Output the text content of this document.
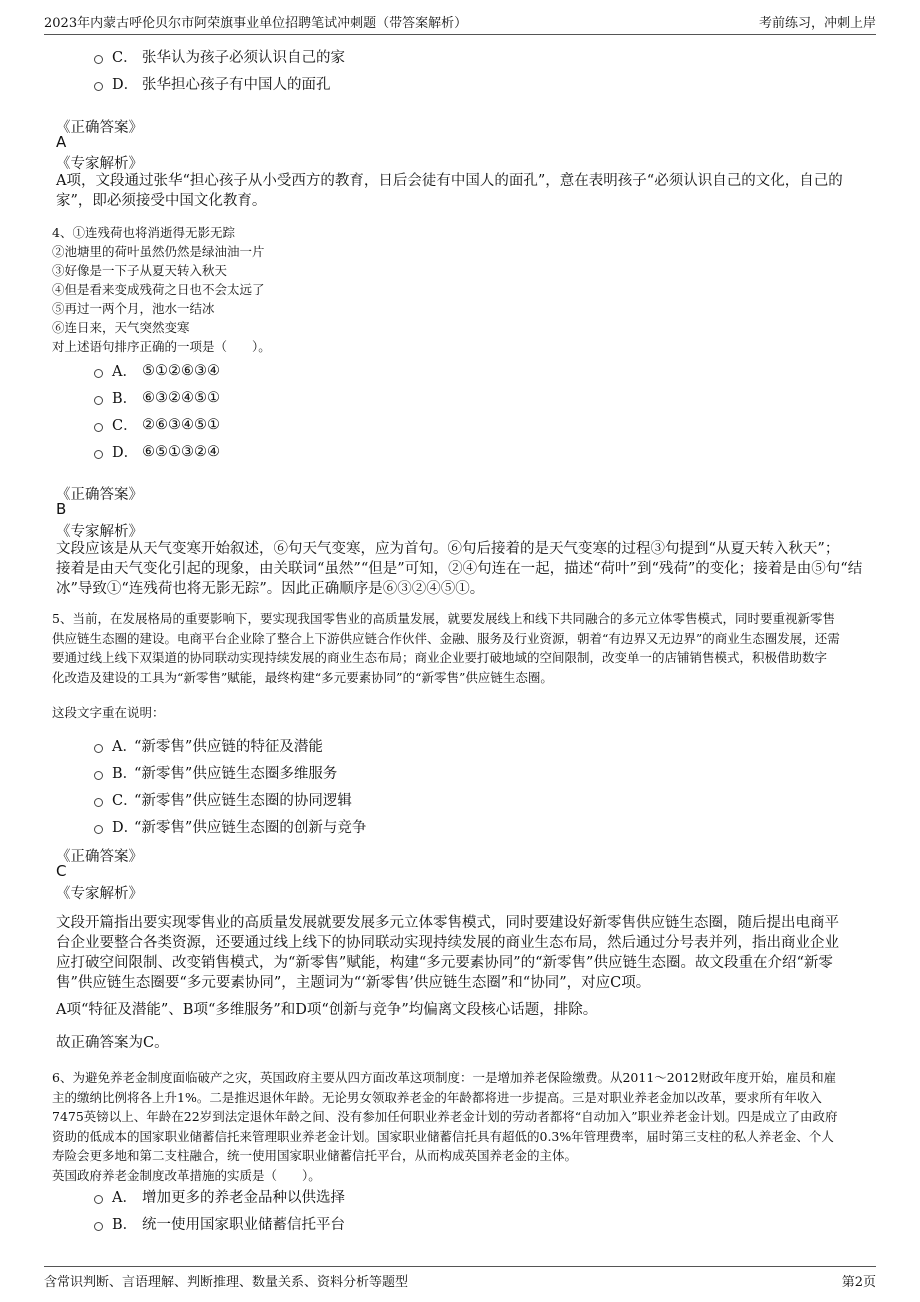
2023年内蒙古呼伦贝尔市阿荣旗事业单位招聘笔试冲刺题（带答案解析）	考前练习，冲刺上岸
C． 张华认为孩子必须认识自己的家
D． 张华担心孩子有中国人的面孔
《正确答案》
A
《专家解析》
A项，文段通过张华“担心孩子从小受西方的教育，日后会徒有中国人的面孔”，意在表明孩子“必须认识自己的文化，自己的
家”，即必须接受中国文化教育。
4、①连残荷也将消逝得无影无踪
②池塘里的荷叶虽然仍然是绿油油一片
③好像是一下子从夏天转入秋天
④但是看来变成残荷之日也不会太远了
⑤再过一两个月，池水一结冰
⑥连日来，天气突然变寒
对上述语句排序正确的一项是（　　）。
A． ⑤①②⑥③④
B． ⑥③②④⑤①
C． ②⑥③④⑤①
D． ⑥⑤①③②④
《正确答案》
B
《专家解析》
文段应该是从天气变寒开始叙述，⑥句天气变寒，应为首句。⑥句后接着的是天气变寒的过程③句提到“从夏天转入秋天”；
接着是由天气变化引起的现象，由关联词“虽然”“但是”可知，②④句连在一起，描述“荷叶”到“残荷”的变化；接着是由⑤句“结
冰”导致①“连残荷也将无影无踪”。因此正确顺序是⑥③②④⑤①。
5、当前，在发展格局的重要影响下，要实现我国零售业的高质量发展，就要发展线上和线下共同融合的多元立体零售模式，同时要重视新零售
供应链生态圈的建设。电商平台企业除了整合上下游供应链合作伙伴、金融、服务及行业资源，朝着“有边界又无边界”的商业生态圈发展，还需
要通过线上线下双渠道的协同联动实现持续发展的商业生态布局；商业企业要打破地域的空间限制，改变单一的店铺销售模式，积极借助数字
化改造及建设的工具为“新零售”赋能，最终构建“多元要素协同”的“新零售”供应链生态圈。
这段文字重在说明：
A．
“新零售”供应链的特征及潜能
B．
“新零售”供应链生态圈多维服务
C．
“新零售”供应链生态圈的协同逻辑
D．
“新零售”供应链生态圈的创新与竞争
《正确答案》
C
《专家解析》
文段开篇指出要实现零售业的高质量发展就要发展多元立体零售模式，同时要建设好新零售供应链生态圈，随后提出电商平
台企业要整合各类资源，还要通过线上线下的协同联动实现持续发展的商业生态布局，然后通过分号表并列，指出商业企业
应打破空间限制、改变销售模式，为“新零售”赋能，构建“多元要素协同”的“新零售”供应链生态圈。故文段重在介绍“新零
售”供应链生态圈要“多元要素协同”，主题词为“‘新零售’供应链生态圈”和“协同”，对应C项。
A项“特征及潜能”、B项“多维服务”和D项“创新与竞争”均偏离文段核心话题，排除。
故正确答案为C。
6、为避免养老金制度面临破产之灾，英国政府主要从四方面改革这项制度：一是增加养老保险缴费。从2011～2012财政年度开始，雇员和雇
主的缴纳比例将各上升1%。二是推迟退休年龄。无论男女领取养老金的年龄都将进一步提高。三是对职业养老金加以改革，要求所有年收入
7475英镑以上、年龄在22岁到法定退休年龄之间、没有参加任何职业养老金计划的劳动者都将“自动加入”职业养老金计划。四是成立了由政府
资助的低成本的国家职业储蓄信托来管理职业养老金计划。国家职业储蓄信托具有超低的0.3%年管理费率，届时第三支柱的私人养老金、个人
寿险会更多地和第二支柱融合，统一使用国家职业储蓄信托平台，从而构成英国养老金的主体。
英国政府养老金制度改革措施的实质是（　　）。
A． 增加更多的养老金品种以供选择
B． 统一使用国家职业储蓄信托平台
含常识判断、言语理解、判断推理、数量关系、资料分析等题型	第2页
